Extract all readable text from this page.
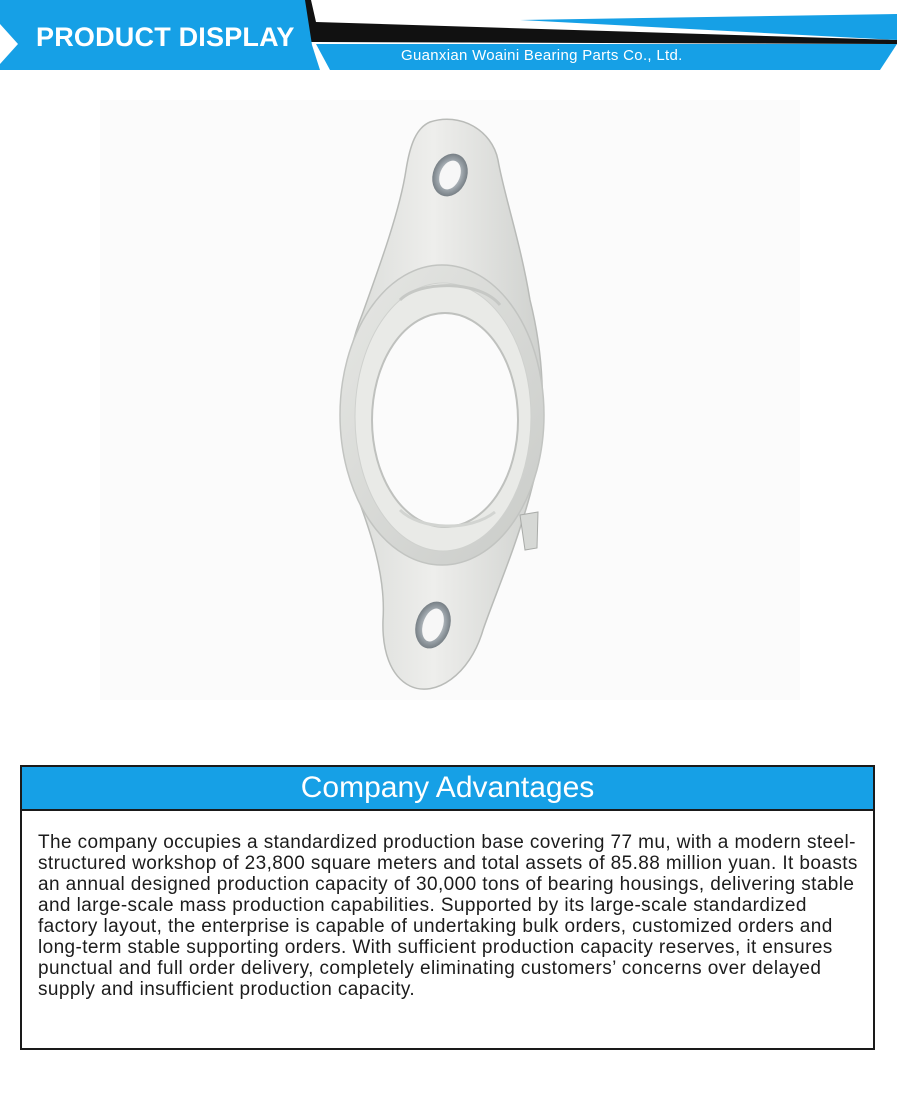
PRODUCT DISPLAY
Guanxian Woaini Bearing Parts Co., Ltd.
Company Advantages
The company occupies a standardized production base covering 77 mu, with a modern steel-structured workshop of 23,800 square meters and total assets of 85.88 million yuan. It boasts an annual designed production capacity of 30,000 tons of bearing housings, delivering stable and large-scale mass production capabilities. Supported by its large-scale standardized factory layout, the enterprise is capable of undertaking bulk orders, customized orders and long-term stable supporting orders. With sufficient production capacity reserves, it ensures punctual and full order delivery, completely eliminating customers’ concerns over delayed supply and insufficient production capacity.
